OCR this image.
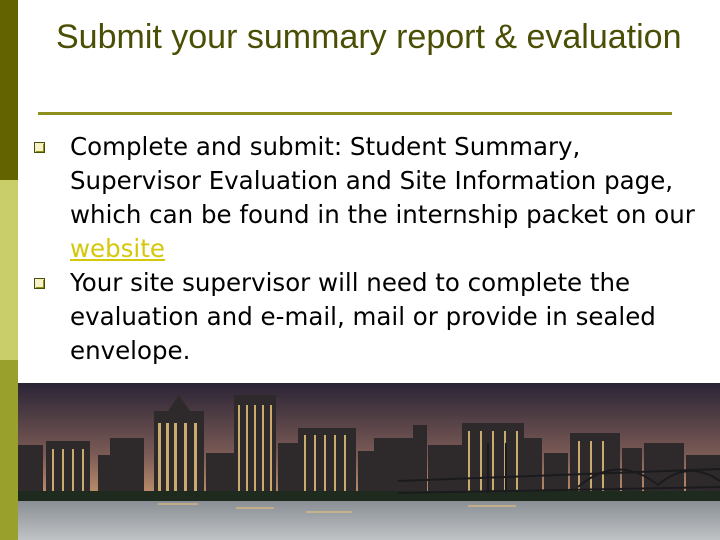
Submit your summary report & evaluation
Complete and submit: Student Summary, Supervisor Evaluation and Site Information page, which can be found in the internship packet on our website
Your site supervisor will need to complete the evaluation and e-mail, mail or provide in sealed envelope.
